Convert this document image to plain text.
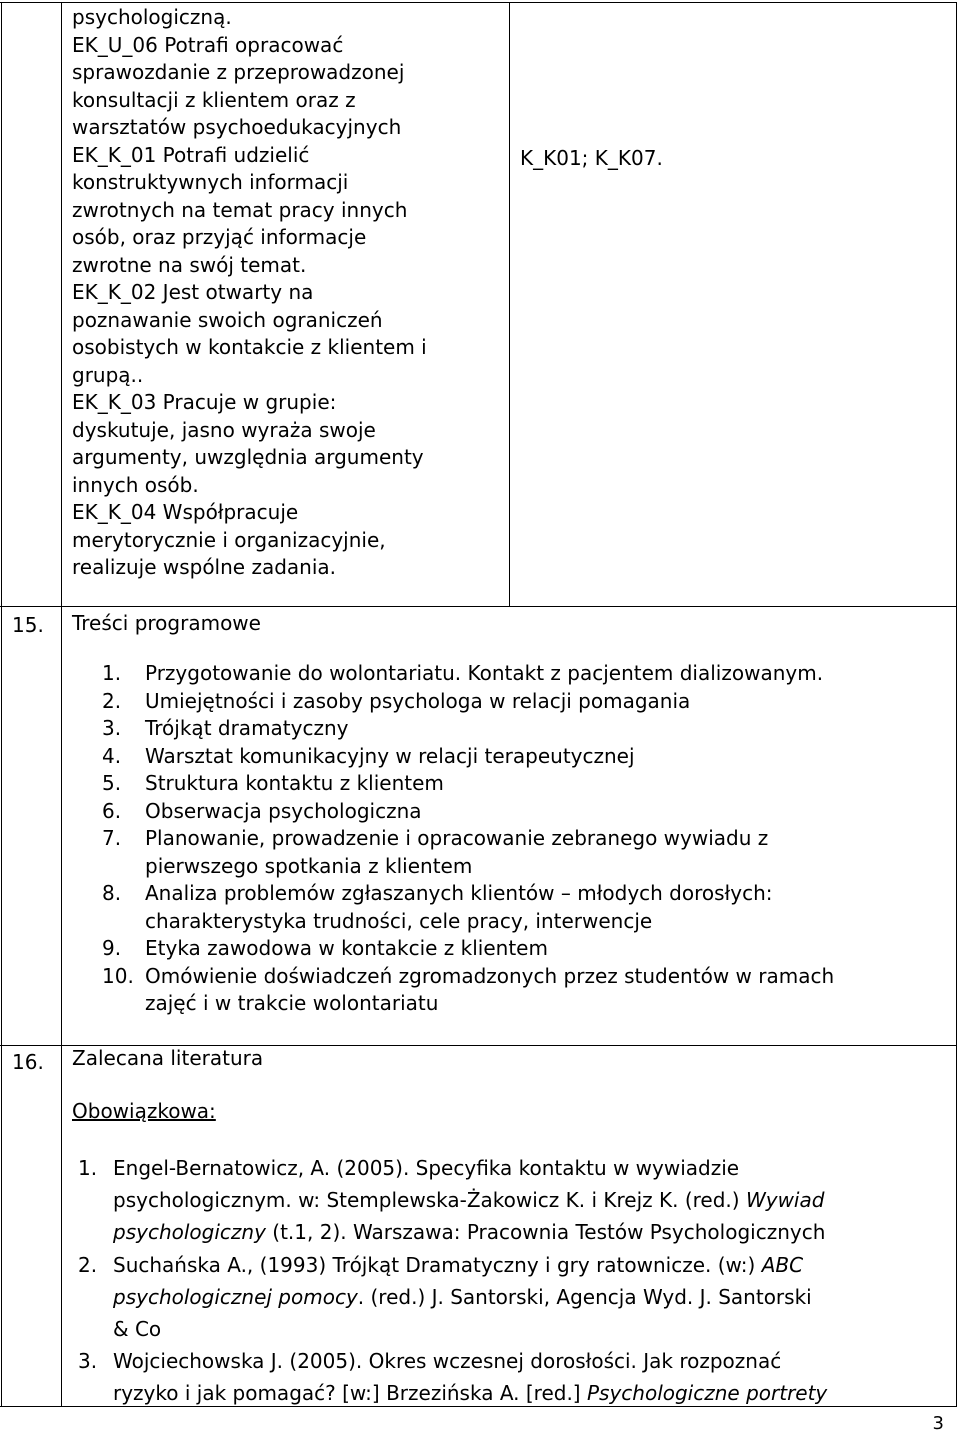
psychologiczną.
EK_U_06 Potrafi opracować
sprawozdanie z przeprowadzonej
konsultacji z klientem oraz z
warsztatów psychoedukacyjnych
EK_K_01 Potrafi udzielić
konstruktywnych informacji
zwrotnych na temat pracy innych
osób, oraz przyjąć informacje
zwrotne na swój temat.
EK_K_02 Jest otwarty na
poznawanie swoich ograniczeń
osobistych w kontakcie z klientem i
grupą..
EK_K_03 Pracuje w grupie:
dyskutuje, jasno wyraża swoje
argumenty, uwzględnia argumenty
innych osób.
EK_K_04 Współpracuje
merytorycznie i organizacyjnie,
realizuje wspólne zadania.
K_K01; K_K07.
15. Treści programowe
1. Przygotowanie do wolontariatu. Kontakt z pacjentem dializowanym.
2. Umiejętności i zasoby psychologa w relacji pomagania
3. Trójkąt dramatyczny
4. Warsztat komunikacyjny w relacji terapeutycznej
5. Struktura kontaktu z klientem
6. Obserwacja psychologiczna
7. Planowanie, prowadzenie i opracowanie zebranego wywiadu z
pierwszego spotkania z klientem
8. Analiza problemów zgłaszanych klientów – młodych dorosłych:
charakterystyka trudności, cele pracy, interwencje
9. Etyka zawodowa w kontakcie z klientem
10. Omówienie doświadczeń zgromadzonych przez studentów w ramach
zajęć i w trakcie wolontariatu
16. Zalecana literatura
Obowiązkowa:
1. Engel-Bernatowicz, A. (2005). Specyfika kontaktu w wywiadzie
psychologicznym. w: Stemplewska-Żakowicz K. i Krejz K. (red.) Wywiad
psychologiczny (t.1, 2). Warszawa: Pracownia Testów Psychologicznych
2. Suchańska A., (1993) Trójkąt Dramatyczny i gry ratownicze. (w:) ABC
psychologicznej pomocy. (red.) J. Santorski, Agencja Wyd. J. Santorski
& Co
3. Wojciechowska J. (2005). Okres wczesnej dorosłości. Jak rozpoznać
ryzyko i jak pomagać? [w:] Brzezińska A. [red.] Psychologiczne portrety
3
